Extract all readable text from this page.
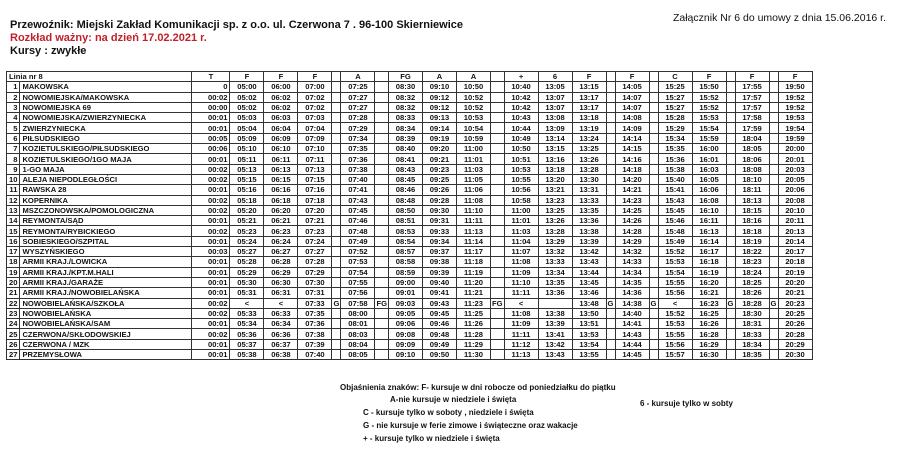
Przewoźnik: Miejski Zakład Komunikacji sp. z o.o. ul. Czerwona 7 . 96-100 Skierniewice
Rozkład ważny: na dzień 17.02.2021 r.
Kursy : zwykłe
Załącznik Nr 6 do umowy z dnia 15.06.2016 r.
Linia nr 8		T	F	F	F		A		FG	A	A		+	6	F		F		C	F		F		F
1	MAKOWSKA	0	05:00	06:00	07:00		07:25		08:30	09:10	10:50		10:40	13:05	13:15		14:05		15:25	15:50		17:55		19:50
2	NOWOMIEJSKA/MAKOWSKA	00:02	05:02	06:02	07:02		07:27		08:32	09:12	10:52		10:42	13:07	13:17		14:07		15:27	15:52		17:57		19:52
3	NOWOMIEJSKA 69	00:00	05:02	06:02	07:02		07:27		08:32	09:12	10:52		10:42	13:07	13:17		14:07		15:27	15:52		17:57		19:52
4	NOWOMIEJSKA/ZWIERZYNIECKA	00:01	05:03	06:03	07:03		07:28		08:33	09:13	10:53		10:43	13:08	13:18		14:08		15:28	15:53		17:58		19:53
5	ZWIERZYNIECKA	00:01	05:04	06:04	07:04		07:29		08:34	09:14	10:54		10:44	13:09	13:19		14:09		15:29	15:54		17:59		19:54
6	PIŁSUDSKIEGO	00:05	05:09	06:09	07:09		07:34		08:39	09:19	10:59		10:49	13:14	13:24		14:14		15:34	15:59		18:04		19:59
7	KOZIETULSKIEGO/PIŁSUDSKIEGO	00:06	05:10	06:10	07:10		07:35		08:40	09:20	11:00		10:50	13:15	13:25		14:15		15:35	16:00		18:05		20:00
8	KOZIETULSKIEGO/1GO MAJA	00:01	05:11	06:11	07:11		07:36		08:41	09:21	11:01		10:51	13:16	13:26		14:16		15:36	16:01		18:06		20:01
9	1-GO MAJA	00:02	05:13	06:13	07:13		07:38		08:43	09:23	11:03		10:53	13:18	13:28		14:18		15:38	16:03		18:08		20:03
10	ALEJA NIEPODLEGŁOŚCI	00:02	05:15	06:15	07:15		07:40		08:45	09:25	11:05		10:55	13:20	13:30		14:20		15:40	16:05		18:10		20:05
11	RAWSKA 28	00:01	05:16	06:16	07:16		07:41		08:46	09:26	11:06		10:56	13:21	13:31		14:21		15:41	16:06		18:11		20:06
12	KOPERNIKA	00:02	05:18	06:18	07:18		07:43		08:48	09:28	11:08		10:58	13:23	13:33		14:23		15:43	16:08		18:13		20:08
13	MSZCZONOWSKA/POMOLOGICZNA	00:02	05:20	06:20	07:20		07:45		08:50	09:30	11:10		11:00	13:25	13:35		14:25		15:45	16:10		18:15		20:10
14	REYMONTA/SĄD	00:01	05:21	06:21	07:21		07:46		08:51	09:31	11:11		11:01	13:26	13:36		14:26		15:46	16:11		18:16		20:11
15	REYMONTA/RYBICKIEGO	00:02	05:23	06:23	07:23		07:48		08:53	09:33	11:13		11:03	13:28	13:38		14:28		15:48	16:13		18:18		20:13
16	SOBIESKIEGO/SZPITAL	00:01	05:24	06:24	07:24		07:49		08:54	09:34	11:14		11:04	13:29	13:39		14:29		15:49	16:14		18:19		20:14
17	WYSZYŃSKIEGO	00:03	05:27	06:27	07:27		07:52		08:57	09:37	11:17		11:07	13:32	13:42		14:32		15:52	16:17		18:22		20:17
18	ARMII KRAJ./LOWICKA	00:01	05:28	06:28	07:28		07:53		08:58	09:38	11:18		11:08	13:33	13:43		14:33		15:53	16:18		18:23		20:18
19	ARMII KRAJ./KPT.M.HALI	00:01	05:29	06:29	07:29		07:54		08:59	09:39	11:19		11:09	13:34	13:44		14:34		15:54	16:19		18:24		20:19
20	ARMII KRAJ./GARAŻE	00:01	05:30	06:30	07:30		07:55		09:00	09:40	11:20		11:10	13:35	13:45		14:35		15:55	16:20		18:25		20:20
21	ARMII KRAJ./NOWOBIELAŃSKA	00:01	05:31	06:31	07:31		07:56		09:01	09:41	11:21		11:11	13:36	13:46		14:36		15:56	16:21		18:26		20:21
22	NOWOBIELAŃSKA/SZKOŁA	00:02	<	<	07:33	G	07:58	FG	09:03	09:43	11:23	FG	<		13:48	G	14:38	G	<	16:23	G	18:28	G	20:23
23	NOWOBIELAŃSKA	00:02	05:33	06:33	07:35		08:00		09:05	09:45	11:25		11:08	13:38	13:50		14:40		15:52	16:25		18:30		20:25
24	NOWOBIELAŃSKA/SAM	00:01	05:34	06:34	07:36		08:01		09:06	09:46	11:26		11:09	13:39	13:51		14:41		15:53	16:26		18:31		20:26
25	CZERWONA/SKŁODOWSKIEJ	00:02	05:36	06:36	07:38		08:03		09:08	09:48	11:28		11:11	13:41	13:53		14:43		15:55	16:28		18:33		20:28
26	CZERWONA / MZK	00:01	05:37	06:37	07:39		08:04		09:09	09:49	11:29		11:12	13:42	13:54		14:44		15:56	16:29		18:34		20:29
27	PRZEMYSŁOWA	00:01	05:38	06:38	07:40		08:05		09:10	09:50	11:30		11:13	13:43	13:55		14:45		15:57	16:30		18:35		20:30
Objaśnienia znaków: F- kursuje w dni robocze od poniedziałku do piątku
A-nie kursuje w niedziele i święta	6 - kursuje tylko w sobty
C - kursuje tylko w soboty , niedziele i święta
G - nie kursuje w ferie zimowe i świąteczne oraz wakacje
+ - kursuje tylko w niedziele i święta
